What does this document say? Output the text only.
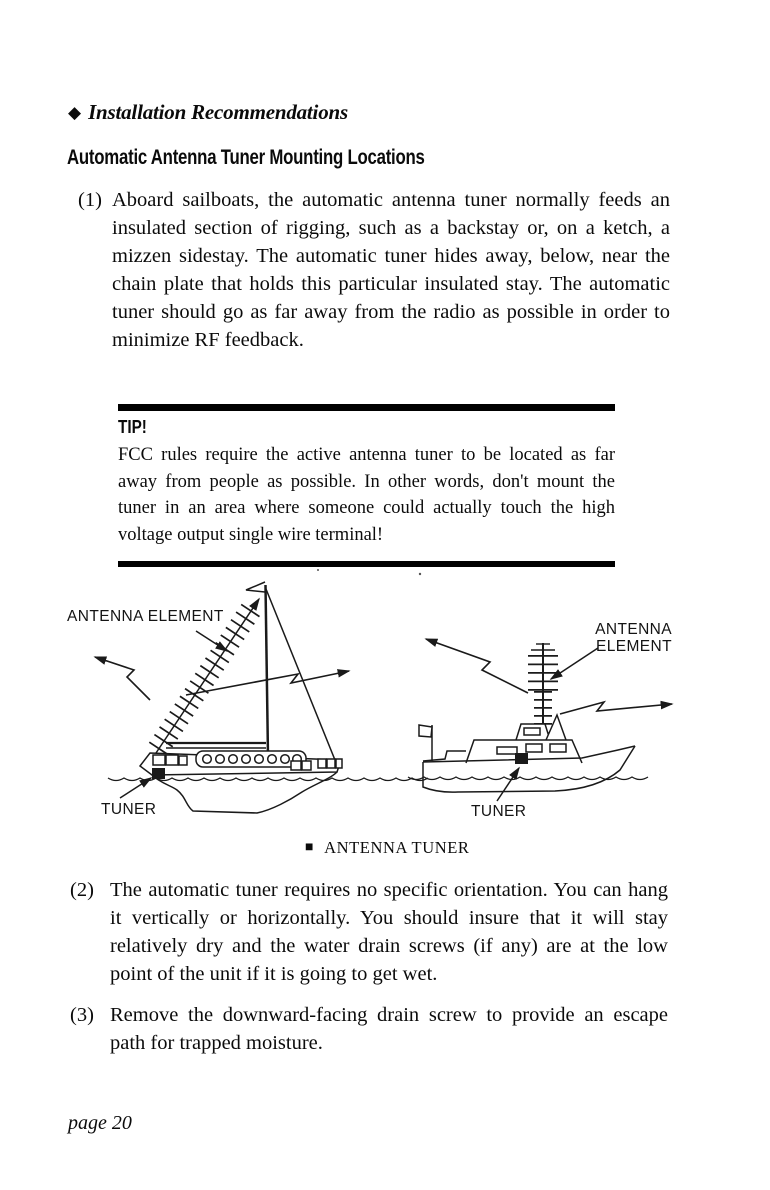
◆ Installation Recommendations
Automatic Antenna Tuner Mounting Locations
(1) Aboard sailboats, the automatic antenna tuner normally feeds an insulated section of rigging, such as a backstay or, on a ketch, a mizzen sidestay. The automatic tuner hides away, below, near the chain plate that holds this particular insulated stay. The automatic tuner should go as far away from the radio as possible in order to minimize RF feedback.

TIP!
FCC rules require the active antenna tuner to be located as far away from people as possible. In other words, don't mount the tuner in an area where someone could actually touch the high voltage output single wire terminal!
ANTENNA ELEMENT
TUNER
ANTENNA ELEMENT
TUNER
■ ANTENNA TUNER
(2) The automatic tuner requires no specific orientation. You can hang it vertically or horizontally. You should insure that it will stay relatively dry and the water drain screws (if any) are at the low point of the unit if it is going to get wet.

(3) Remove the downward-facing drain screw to provide an escape path for trapped moisture.

page 20
